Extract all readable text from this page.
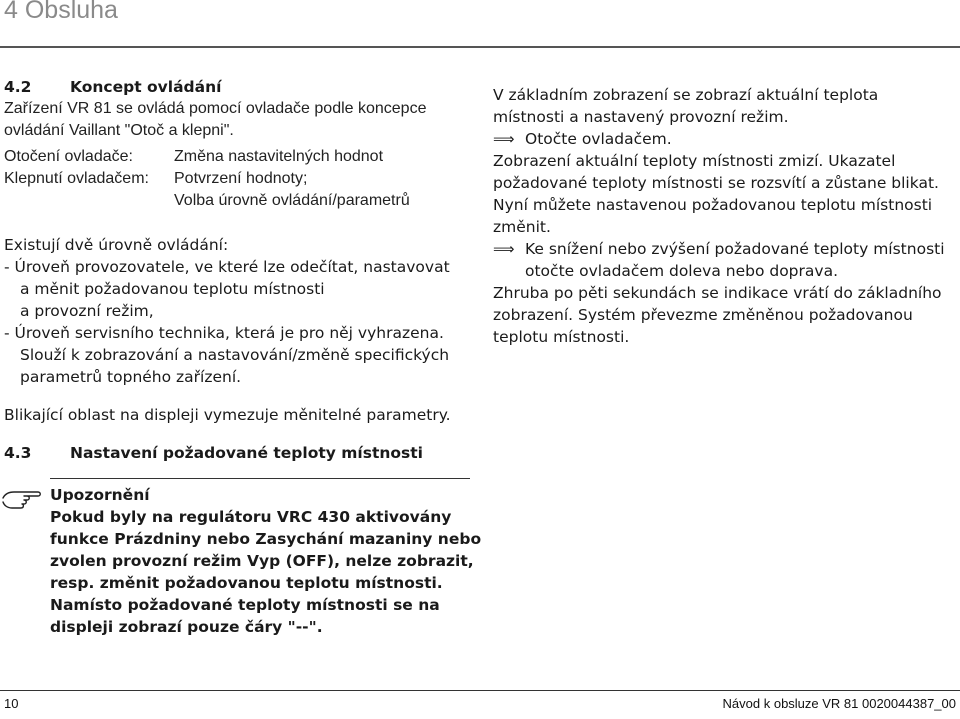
4 Obsluha
4.2 Koncept ovládání
Zařízení VR 81 se ovládá pomocí ovladače podle koncepce
ovládání Vaillant "Otoč a klepni".
Otočení ovladače:	Změna nastavitelných hodnot
Klepnutí ovladačem: Potvrzení hodnoty;
Volba úrovně ovládání/parametrů
Existují dvě úrovně ovládání:
- Úroveň provozovatele, ve které lze odečítat, nastavovat
a měnit požadovanou teplotu místnosti
a provozní režim,
- Úroveň servisního technika, která je pro něj vyhrazena.
Slouží k zobrazování a nastavování/změně specifických
parametrů topného zařízení.
Blikající oblast na displeji vymezuje měnitelné parametry.
V základním zobrazení se zobrazí aktuální teplota
místnosti a nastavený provozní režim.
⟹ Otočte ovladačem.
Zobrazení aktuální teploty místnosti zmizí. Ukazatel
požadované teploty místnosti se rozsvítí a zůstane blikat.
Nyní můžete nastavenou požadovanou teplotu místnosti
změnit.
⟹ Ke snížení nebo zvýšení požadované teploty místnosti
otočte ovladačem doleva nebo doprava.
Zhruba po pěti sekundách se indikace vrátí do základního
zobrazení. Systém převezme změněnou požadovanou
teplotu místnosti.
4.3 Nastavení požadované teploty místnosti
Upozornění
Pokud byly na regulátoru VRC 430 aktivovány
funkce Prázdniny nebo Zasychání mazaniny nebo
zvolen provozní režim Vyp (OFF), nelze zobrazit,
resp. změnit požadovanou teplotu místnosti.
Namísto požadované teploty místnosti se na
displeji zobrazí pouze čáry "--".
10	Návod k obsluze VR 81 0020044387_00
